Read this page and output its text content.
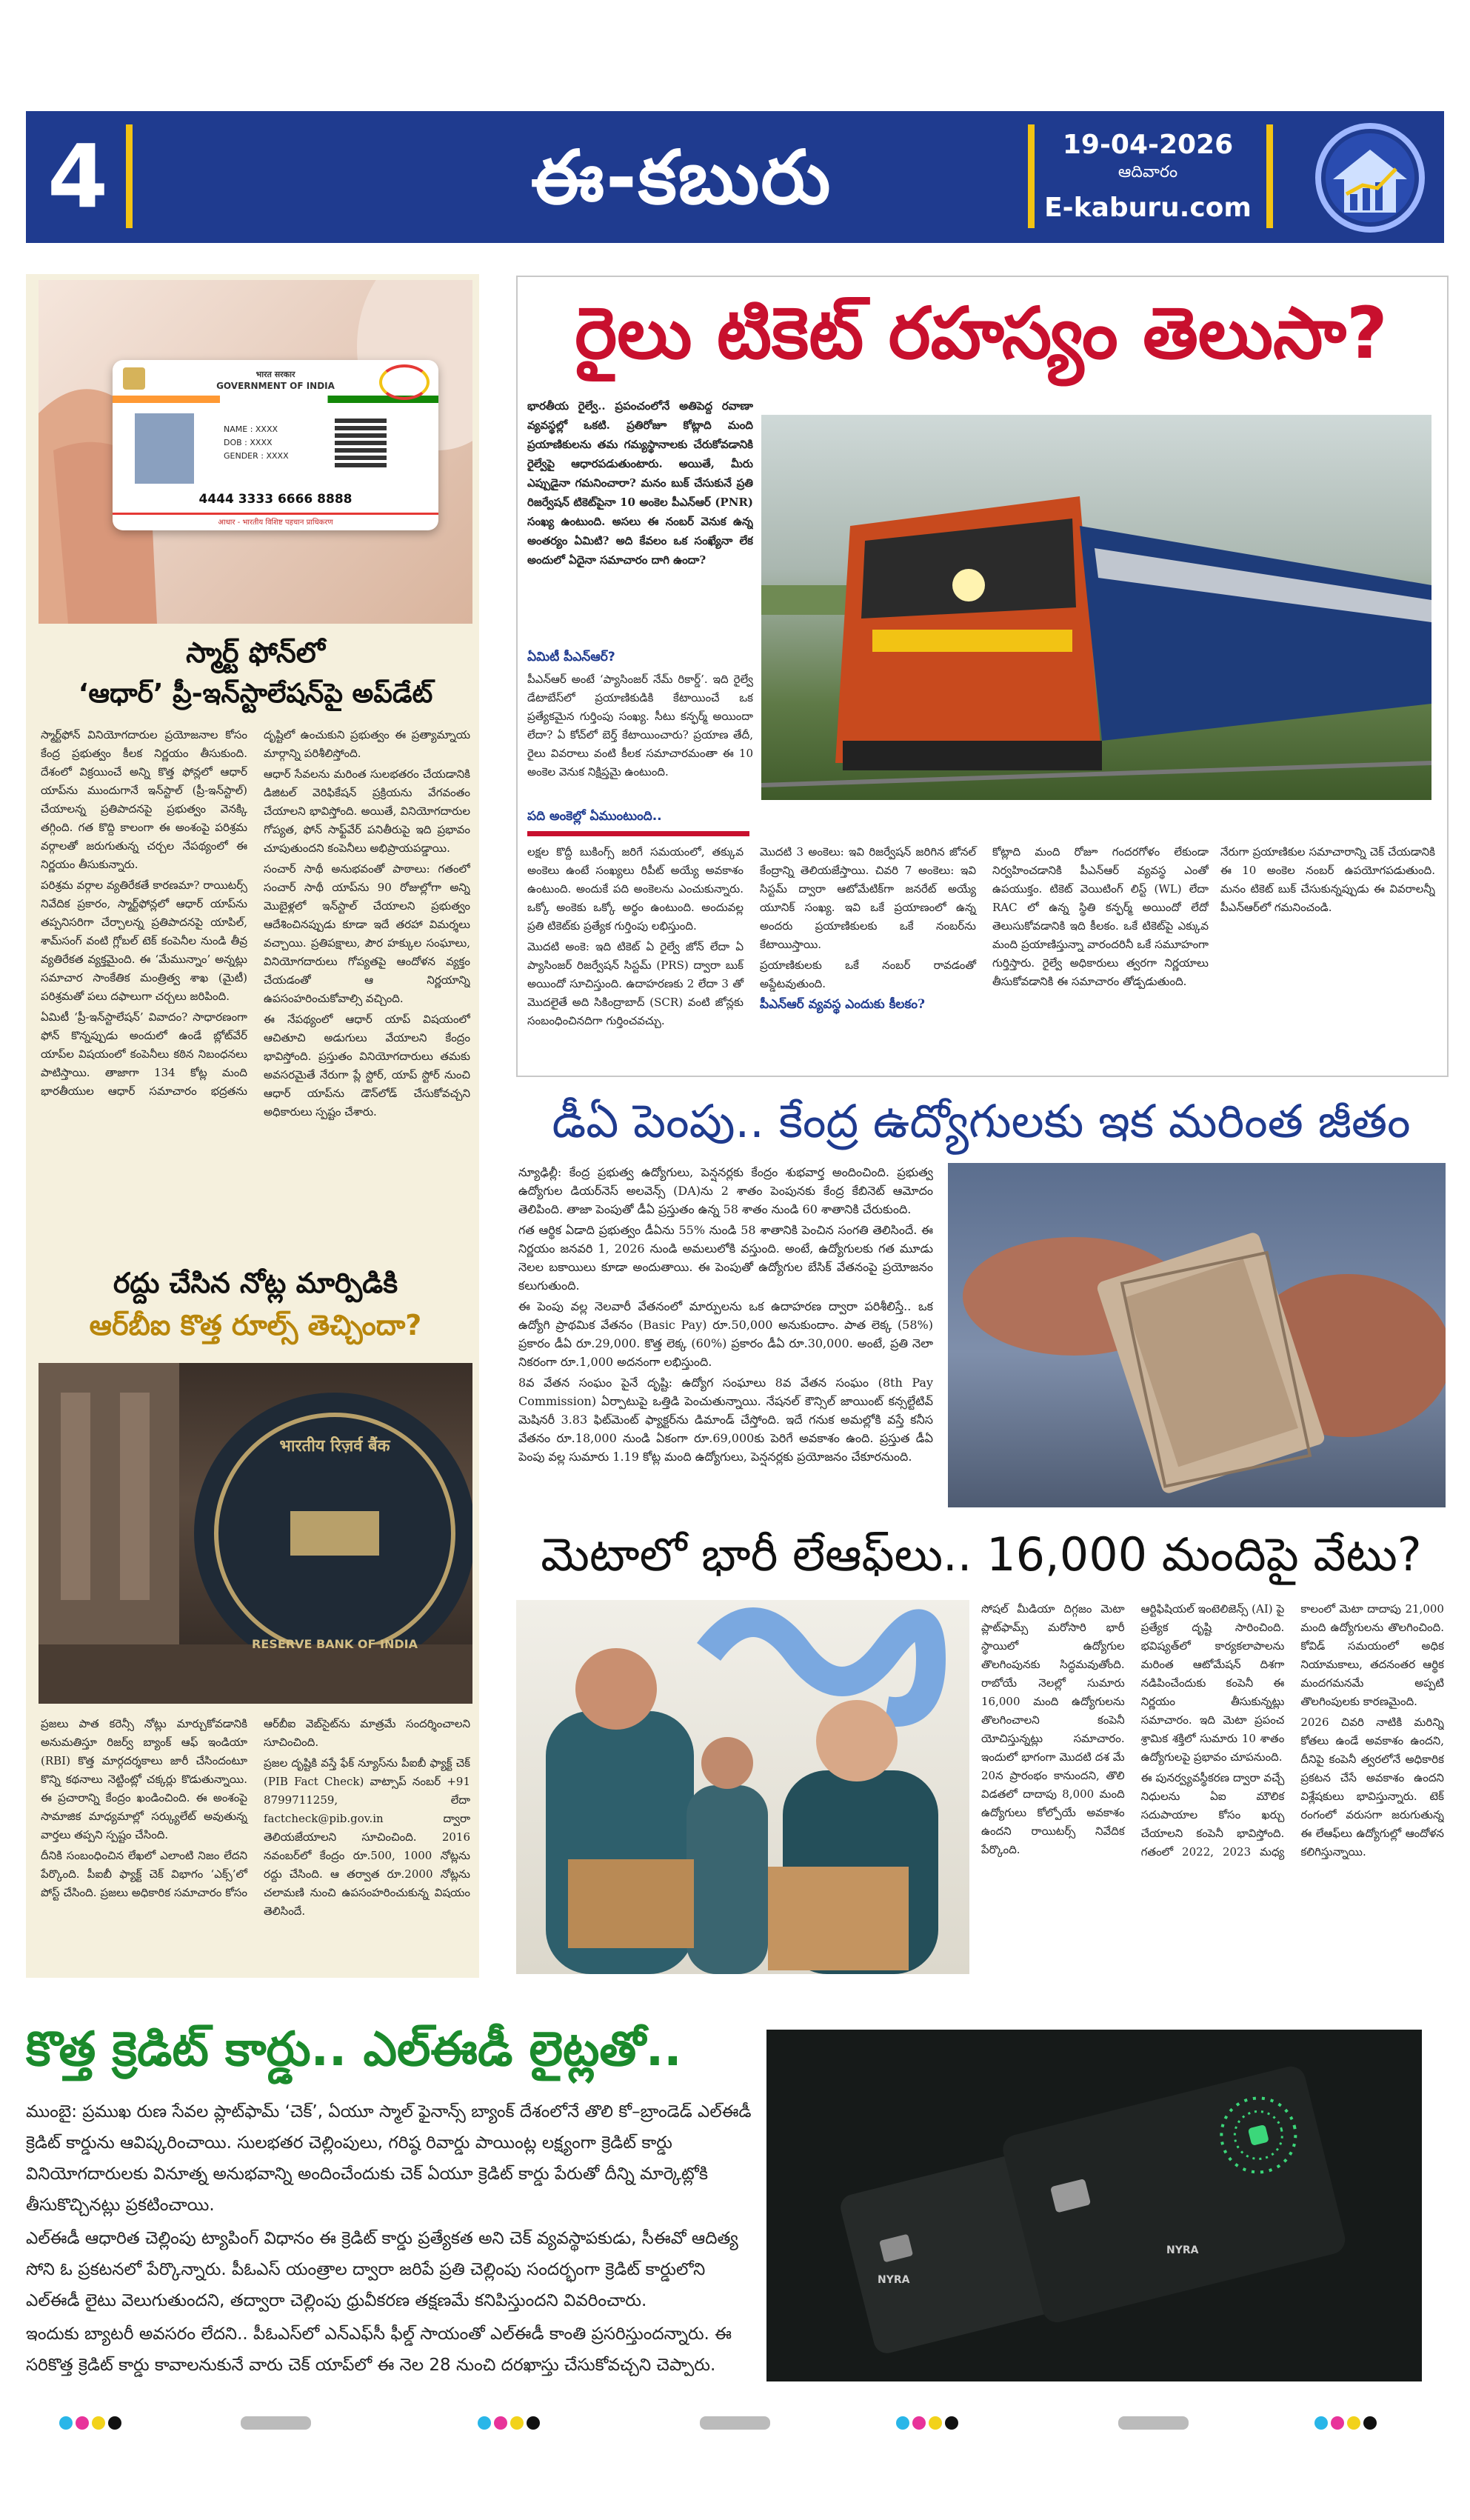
4	ఈ-కబురు	19-04-2026
ఆదివారం
E-kaburu.com
भारत सरकार
GOVERNMENT OF INDIA
NAME : XXXX
DOB : XXXX
GENDER : XXXX
4444 3333 6666 8888
आधार - भारतीय विशिष्ट पहचान प्राधिकरण
స్మార్ట్ ఫోన్‌లో
‘ఆధార్’ ప్రీ-ఇన్‌స్టాలేషన్‌పై అప్‌డేట్

స్మార్ట్‌ఫోన్ వినియోగదారుల ప్రయోజనాల కోసం కేంద్ర ప్రభుత్వం కీలక నిర్ణయం తీసుకుంది. దేశంలో విక్రయించే అన్ని కొత్త ఫోన్లలో ఆధార్ యాప్‌ను ముందుగానే ఇన్‌స్టాల్ (ప్రీ-ఇన్‌స్టాల్) చేయాలన్న ప్రతిపాదనపై ప్రభుత్వం వెనక్కి తగ్గింది. గత కొద్ది కాలంగా ఈ అంశంపై పరిశ్రమ వర్గాలతో జరుగుతున్న చర్చల నేపథ్యంలో ఈ నిర్ణయం తీసుకున్నారు.

పరిశ్రమ వర్గాల వ్యతిరేకతే కారణమా? రాయిటర్స్ నివేదిక ప్రకారం, స్మార్ట్‌ఫోన్లలో ఆధార్ యాప్‌ను తప్పనిసరిగా చేర్చాలన్న ప్రతిపాదనపై యాపిల్, శామ్‌సంగ్ వంటి గ్లోబల్ టెక్ కంపెనీల నుండి తీవ్ర వ్యతిరేకత వ్యక్తమైంది. ఈ ‘మేమున్నాం’ అన్నట్లు సమాచార సాంకేతిక మంత్రిత్వ శాఖ (మైటీ) పరిశ్రమతో పలు దఫాలుగా చర్చలు జరిపింది.

ఏమిటీ ‘ప్రీ-ఇన్‌స్టాలేషన్’ వివాదం? సాధారణంగా ఫోన్ కొన్నప్పుడు అందులో ఉండే బ్లోట్‌వేర్ యాప్‌ల విషయంలో కంపెనీలు కఠిన నిబంధనలు పాటిస్తాయి. తాజాగా 134 కోట్ల మంది భారతీయుల ఆధార్ సమాచారం భద్రతను దృష్టిలో ఉంచుకుని ప్రభుత్వం ఈ ప్రత్యామ్నాయ మార్గాన్ని పరిశీలిస్తోంది.

ఆధార్ సేవలను మరింత సులభతరం చేయడానికి డిజిటల్ వెరిఫికేషన్ ప్రక్రియను వేగవంతం చేయాలని భావిస్తోంది. అయితే, వినియోగదారుల గోప్యత, ఫోన్ సాఫ్ట్‌వేర్ పనితీరుపై ఇది ప్రభావం చూపుతుందని కంపెనీలు అభిప్రాయపడ్డాయి.

సంచార్ సాథీ అనుభవంతో పాఠాలు: గతంలో సంచార్ సాథీ యాప్‌ను 90 రోజుల్లోగా అన్ని మొబైళ్లలో ఇన్‌స్టాల్ చేయాలని ప్రభుత్వం ఆదేశించినప్పుడు కూడా ఇదే తరహా విమర్శలు వచ్చాయి. ప్రతిపక్షాలు, పౌర హక్కుల సంఘాలు, వినియోగదారులు గోప్యతపై ఆందోళన వ్యక్తం చేయడంతో ఆ నిర్ణయాన్ని ఉపసంహరించుకోవాల్సి వచ్చింది.

ఈ నేపథ్యంలో ఆధార్ యాప్ విషయంలో ఆచితూచి అడుగులు వేయాలని కేంద్రం భావిస్తోంది. ప్రస్తుతం వినియోగదారులు తమకు అవసరమైతే నేరుగా ప్లే స్టోర్, యాప్ స్టోర్ నుంచి ఆధార్ యాప్‌ను డౌన్‌లోడ్ చేసుకోవచ్చని అధికారులు స్పష్టం చేశారు.

రద్దు చేసిన నోట్ల మార్పిడికి
ఆర్‌బీఐ కొత్త రూల్స్ తెచ్చిందా?
भारतीय रिज़र्व बैंक
RESERVE BANK OF INDIA

ప్రజలు పాత కరెన్సీ నోట్లు మార్చుకోవడానికి అనుమతిస్తూ రిజర్వ్ బ్యాంక్ ఆఫ్ ఇండియా (RBI) కొత్త మార్గదర్శకాలు జారీ చేసిందంటూ కొన్ని కథనాలు నెట్టింట్లో చక్కర్లు కొడుతున్నాయి. ఈ ప్రచారాన్ని కేంద్రం ఖండించింది. ఈ అంశంపై సామాజిక మాధ్యమాల్లో సర్క్యులేట్ అవుతున్న వార్తలు తప్పని స్పష్టం చేసింది.

దీనికి సంబంధించిన లేఖలో ఎలాంటి నిజం లేదని పేర్కొంది. పీఐబీ ఫ్యాక్ట్ చెక్ విభాగం ‘ఎక్స్’లో పోస్ట్ చేసింది. ప్రజలు అధికారిక సమాచారం కోసం ఆర్‌బీఐ వెబ్‌సైట్‌ను మాత్రమే సందర్శించాలని సూచించింది.

ప్రజల దృష్టికి వస్తే ఫేక్ న్యూస్‌ను పీఐబీ ఫ్యాక్ట్ చెక్ (PIB Fact Check) వాట్సాప్ నంబర్ +91 8799711259, లేదా factcheck@pib.gov.in ద్వారా తెలియజేయాలని సూచించింది. 2016 నవంబర్‌లో కేంద్రం రూ.500, 1000 నోట్లను రద్దు చేసింది. ఆ తర్వాత రూ.2000 నోట్లను చలామణి నుంచి ఉపసంహరించుకున్న విషయం తెలిసిందే.

రైలు టికెట్ రహస్యం తెలుసా?
భారతీయ రైల్వే.. ప్రపంచంలోనే అతిపెద్ద రవాణా వ్యవస్థల్లో ఒకటి. ప్రతిరోజూ కోట్లాది మంది ప్రయాణికులను తమ గమ్యస్థానాలకు చేరుకోవడానికి రైల్వేపై ఆధారపడుతుంటారు. అయితే, మీరు ఎప్పుడైనా గమనించారా? మనం బుక్ చేసుకునే ప్రతి రిజర్వేషన్ టికెట్‌పైనా 10 అంకెల పీఎన్ఆర్ (PNR) సంఖ్య ఉంటుంది. అసలు ఈ నంబర్ వెనుక ఉన్న అంతర్యం ఏమిటి? అది కేవలం ఒక సంఖ్యేనా లేక అందులో ఏదైనా సమాచారం దాగి ఉందా?
ఏమిటీ పీఎన్ఆర్?
పీఎన్ఆర్ అంటే ‘ప్యాసింజర్ నేమ్ రికార్డ్’. ఇది రైల్వే డేటాబేస్‌లో ప్రయాణికుడికి కేటాయించే ఒక ప్రత్యేకమైన గుర్తింపు సంఖ్య. సీటు కన్ఫర్మ్ అయిందా లేదా? ఏ కోచ్‌లో బెర్త్ కేటాయించారు? ప్రయాణ తేదీ, రైలు వివరాలు వంటి కీలక సమాచారమంతా ఈ 10 అంకెల వెనుక నిక్షిప్తమై ఉంటుంది.
పది అంకెల్లో ఏముంటుంది..

లక్షల కొద్దీ బుకింగ్స్ జరిగే సమయంలో, తక్కువ అంకెలు ఉంటే సంఖ్యలు రిపీట్ అయ్యే అవకాశం ఉంటుంది. అందుకే పది అంకెలను ఎంచుకున్నారు. ఒక్కో అంకెకు ఒక్కో అర్థం ఉంటుంది. అందువల్ల ప్రతి టికెట్‌కు ప్రత్యేక గుర్తింపు లభిస్తుంది.

మొదటి అంకె: ఇది టికెట్ ఏ రైల్వే జోన్ లేదా ఏ ప్యాసింజర్ రిజర్వేషన్ సిస్టమ్ (PRS) ద్వారా బుక్ అయిందో సూచిస్తుంది. ఉదాహరణకు 2 లేదా 3 తో మొదలైతే అది సికింద్రాబాద్ (SCR) వంటి జోన్లకు సంబంధించినదిగా గుర్తించవచ్చు.

మొదటి 3 అంకెలు: ఇవి రిజర్వేషన్ జరిగిన జోనల్ కేంద్రాన్ని తెలియజేస్తాయి. చివరి 7 అంకెలు: ఇవి సిస్టమ్ ద్వారా ఆటోమేటిక్‌గా జనరేట్ అయ్యే యూనిక్ సంఖ్య. ఇవి ఒకే ప్రయాణంలో ఉన్న అందరు ప్రయాణికులకు ఒకే నంబర్‌ను కేటాయిస్తాయి.

ప్రయాణికులకు ఒకే నంబర్ రావడంతో అప్డేటవుతుంది.

పీఎన్ఆర్ వ్యవస్థ ఎందుకు కీలకం?

కోట్లాది మంది రోజూ గందరగోళం లేకుండా నిర్వహించడానికి పీఎన్ఆర్ వ్యవస్థ ఎంతో ఉపయుక్తం. టికెట్ వెయిటింగ్ లిస్ట్ (WL) లేదా RAC లో ఉన్న స్థితి కన్ఫర్మ్ అయిందో లేదో తెలుసుకోవడానికి ఇది కీలకం. ఒకే టికెట్‌పై ఎక్కువ మంది ప్రయాణిస్తున్నా వారందరినీ ఒకే సమూహంగా గుర్తిస్తారు. రైల్వే అధికారులు త్వరగా నిర్ణయాలు తీసుకోవడానికి ఈ సమాచారం తోడ్పడుతుంది.

నేరుగా ప్రయాణికుల సమాచారాన్ని చెక్ చేయడానికి ఈ 10 అంకెల నంబర్ ఉపయోగపడుతుంది. మనం టికెట్ బుక్ చేసుకున్నప్పుడు ఈ వివరాలన్నీ పీఎన్ఆర్‌లో గమనించండి.
డీఏ పెంపు.. కేంద్ర ఉద్యోగులకు ఇక మరింత జీతం

న్యూఢిల్లీ: కేంద్ర ప్రభుత్వ ఉద్యోగులు, పెన్షనర్లకు కేంద్రం శుభవార్త అందించింది. ప్రభుత్వ ఉద్యోగుల డియర్‌నెస్ అలవెన్స్ (DA)ను 2 శాతం పెంపునకు కేంద్ర కేబినెట్ ఆమోదం తెలిపింది. తాజా పెంపుతో డీఏ ప్రస్తుతం ఉన్న 58 శాతం నుండి 60 శాతానికి చేరుకుంది.

గత ఆర్థిక ఏడాది ప్రభుత్వం డీఏను 55% నుండి 58 శాతానికి పెంచిన సంగతి తెలిసిందే. ఈ నిర్ణయం జనవరి 1, 2026 నుండి అమలులోకి వస్తుంది. అంటే, ఉద్యోగులకు గత మూడు నెలల బకాయిలు కూడా అందుతాయి. ఈ పెంపుతో ఉద్యోగుల బేసిక్ వేతనంపై ప్రయోజనం కలుగుతుంది.

ఈ పెంపు వల్ల నెలవారీ వేతనంలో మార్పులను ఒక ఉదాహరణ ద్వారా పరిశీలిస్తే.. ఒక ఉద్యోగి ప్రాథమిక వేతనం (Basic Pay) రూ.50,000 అనుకుందాం. పాత లెక్క (58%) ప్రకారం డీఏ రూ.29,000. కొత్త లెక్క (60%) ప్రకారం డీఏ రూ.30,000. అంటే, ప్రతి నెలా నికరంగా రూ.1,000 అదనంగా లభిస్తుంది.

8వ వేతన సంఘం పైనే దృష్టి: ఉద్యోగ సంఘాలు 8వ వేతన సంఘం (8th Pay Commission) ఏర్పాటుపై ఒత్తిడి పెంచుతున్నాయి. నేషనల్ కౌన్సిల్ జాయింట్ కన్సల్టేటివ్ మెషినరీ 3.83 ఫిట్‌మెంట్ ఫ్యాక్టర్‌ను డిమాండ్ చేస్తోంది. ఇదే గనుక అమల్లోకి వస్తే కనీస వేతనం రూ.18,000 నుండి ఏకంగా రూ.69,000కు పెరిగే అవకాశం ఉంది. ప్రస్తుత డీఏ పెంపు వల్ల సుమారు 1.19 కోట్ల మంది ఉద్యోగులు, పెన్షనర్లకు ప్రయోజనం చేకూరనుంది.

మెటాలో భారీ లేఆఫ్‌లు.. 16,000 మందిపై వేటు?

సోషల్ మీడియా దిగ్గజం మెటా ప్లాట్‌ఫామ్స్ మరోసారి భారీ స్థాయిలో ఉద్యోగుల తొలగింపునకు సిద్ధమవుతోంది. రాబోయే నెలల్లో సుమారు 16,000 మంది ఉద్యోగులను తొలగించాలని కంపెనీ యోచిస్తున్నట్లు సమాచారం. ఇందులో భాగంగా మొదటి దశ మే 20న ప్రారంభం కానుందని, తొలి విడతలో దాదాపు 8,000 మంది ఉద్యోగులు కోల్పోయే అవకాశం ఉందని రాయిటర్స్ నివేదిక పేర్కొంది.

ఆర్టిఫిషియల్ ఇంటెలిజెన్స్ (AI) పై ప్రత్యేక దృష్టి సారించింది. భవిష్యత్‌లో కార్యకలాపాలను మరింత ఆటోమేషన్ దిశగా నడిపించేందుకు కంపెనీ ఈ నిర్ణయం తీసుకున్నట్లు సమాచారం. ఇది మెటా ప్రపంచ శ్రామిక శక్తిలో సుమారు 10 శాతం ఉద్యోగులపై ప్రభావం చూపనుంది.

ఈ పునర్వ్యవస్థీకరణ ద్వారా వచ్చే నిధులను ఏఐ మౌలిక సదుపాయాల కోసం ఖర్చు చేయాలని కంపెనీ భావిస్తోంది. గతంలో 2022, 2023 మధ్య కాలంలో మెటా దాదాపు 21,000 మంది ఉద్యోగులను తొలగించింది. కోవిడ్ సమయంలో అధిక నియామకాలు, తదనంతర ఆర్థిక మందగమనమే అప్పటి తొలగింపులకు కారణమైంది.

2026 చివరి నాటికి మరిన్ని కోతలు ఉండే అవకాశం ఉందని, దీనిపై కంపెనీ త్వరలోనే అధికారిక ప్రకటన చేసే అవకాశం ఉందని విశ్లేషకులు భావిస్తున్నారు. టెక్ రంగంలో వరుసగా జరుగుతున్న ఈ లేఆఫ్‌లు ఉద్యోగుల్లో ఆందోళన కలిగిస్తున్నాయి.

కొత్త క్రెడిట్ కార్డు.. ఎల్ఈడీ లైట్లతో..

ముంబై: ప్రముఖ రుణ సేవల ప్లాట్‌ఫామ్ ‘చెక్’, ఏయూ స్మాల్ ఫైనాన్స్ బ్యాంక్ దేశంలోనే తొలి కో–బ్రాండెడ్ ఎల్ఈడీ క్రెడిట్ కార్డును ఆవిష్కరించాయి. సులభతర చెల్లింపులు, గరిష్ఠ రివార్డు పాయింట్ల లక్ష్యంగా క్రెడిట్ కార్డు వినియోగదారులకు వినూత్న అనుభవాన్ని అందించేందుకు చెక్ ఏయూ క్రెడిట్ కార్డు పేరుతో దీన్ని మార్కెట్లోకి తీసుకొచ్చినట్లు ప్రకటించాయి.

ఎల్ఈడీ ఆధారిత చెల్లింపు ట్యాపింగ్ విధానం ఈ క్రెడిట్ కార్డు ప్రత్యేకత అని చెక్ వ్యవస్థాపకుడు, సీఈవో ఆదిత్య సోని ఓ ప్రకటనలో పేర్కొన్నారు. పీఓఎస్ యంత్రాల ద్వారా జరిపే ప్రతి చెల్లింపు సందర్భంగా క్రెడిట్ కార్డులోని ఎల్ఈడీ లైటు వెలుగుతుందని, తద్వారా చెల్లింపు ధ్రువీకరణ తక్షణమే కనిపిస్తుందని వివరించారు.

ఇందుకు బ్యాటరీ అవసరం లేదని.. పీఓఎస్‌లో ఎన్ఎఫ్‌సీ ఫీల్డ్ సాయంతో ఎల్ఈడీ కాంతి ప్రసరిస్తుందన్నారు. ఈ సరికొత్త క్రెడిట్ కార్డు కావాలనుకునే వారు చెక్ యాప్‌లో ఈ నెల 28 నుంచి దరఖాస్తు చేసుకోవచ్చని చెప్పారు.

NYRA
NYRA
